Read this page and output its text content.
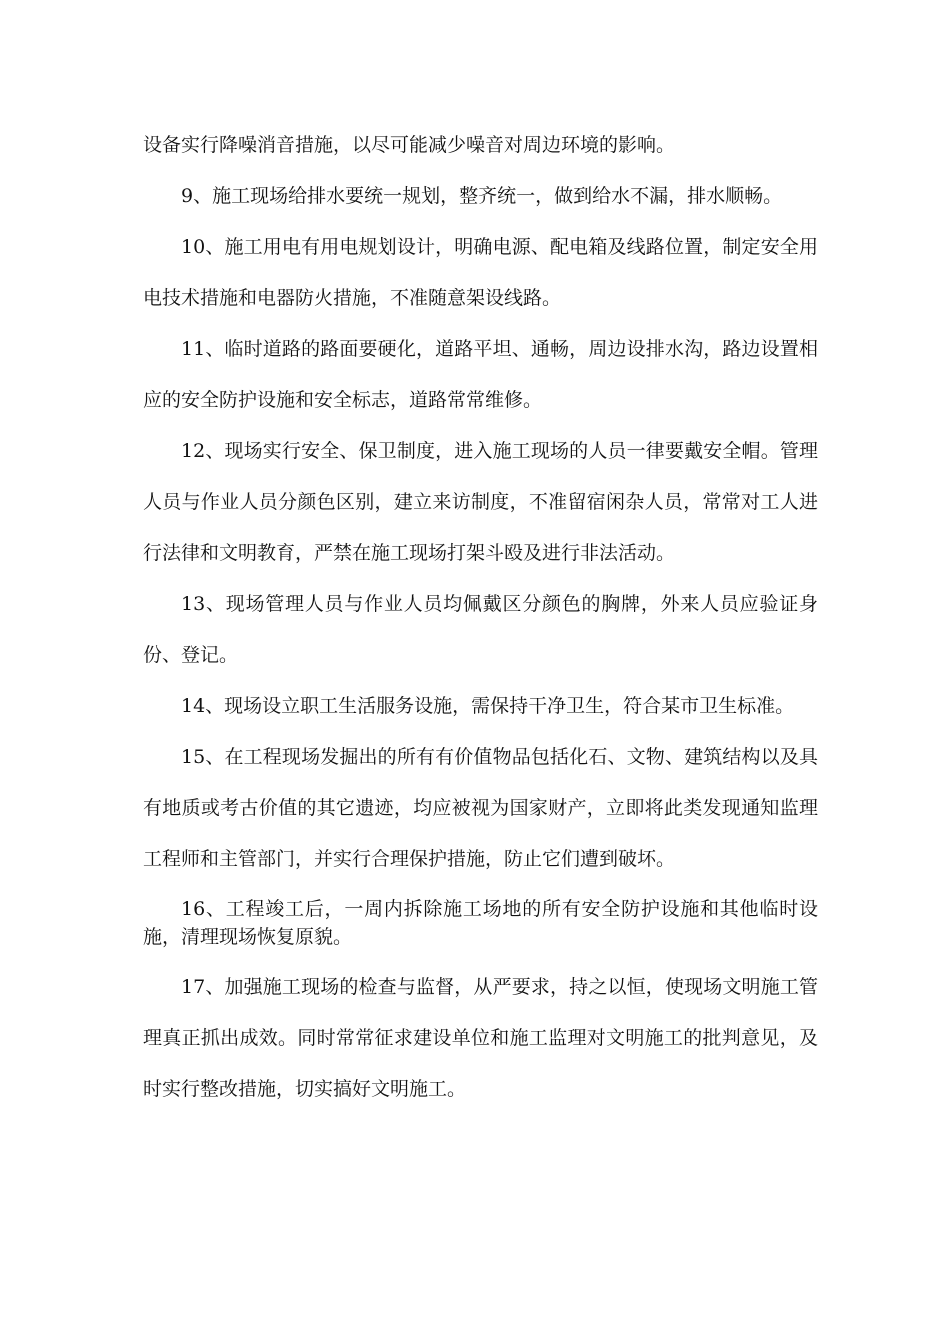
设备实行降噪消音措施，以尽可能减少噪音对周边环境的影响。

9、施工现场给排水要统一规划，整齐统一，做到给水不漏，排水顺畅。

10、施工用电有用电规划设计，明确电源、配电箱及线路位置，制定安全用电技术措施和电器防火措施，不准随意架设线路。

11、临时道路的路面要硬化，道路平坦、通畅，周边设排水沟，路边设置相应的安全防护设施和安全标志，道路常常维修。

12、现场实行安全、保卫制度，进入施工现场的人员一律要戴安全帽。管理人员与作业人员分颜色区别，建立来访制度，不准留宿闲杂人员，常常对工人进行法律和文明教育，严禁在施工现场打架斗殴及进行非法活动。

13、现场管理人员与作业人员均佩戴区分颜色的胸牌，外来人员应验证身份、登记。

14、现场设立职工生活服务设施，需保持干净卫生，符合某市卫生标准。

15、在工程现场发掘出的所有有价值物品包括化石、文物、建筑结构以及具有地质或考古价值的其它遗迹，均应被视为国家财产，立即将此类发现通知监理工程师和主管部门，并实行合理保护措施，防止它们遭到破坏。

16、工程竣工后，一周内拆除施工场地的所有安全防护设施和其他临时设施，清理现场恢复原貌。

17、加强施工现场的检查与监督，从严要求，持之以恒，使现场文明施工管理真正抓出成效。同时常常征求建设单位和施工监理对文明施工的批判意见，及时实行整改措施，切实搞好文明施工。
